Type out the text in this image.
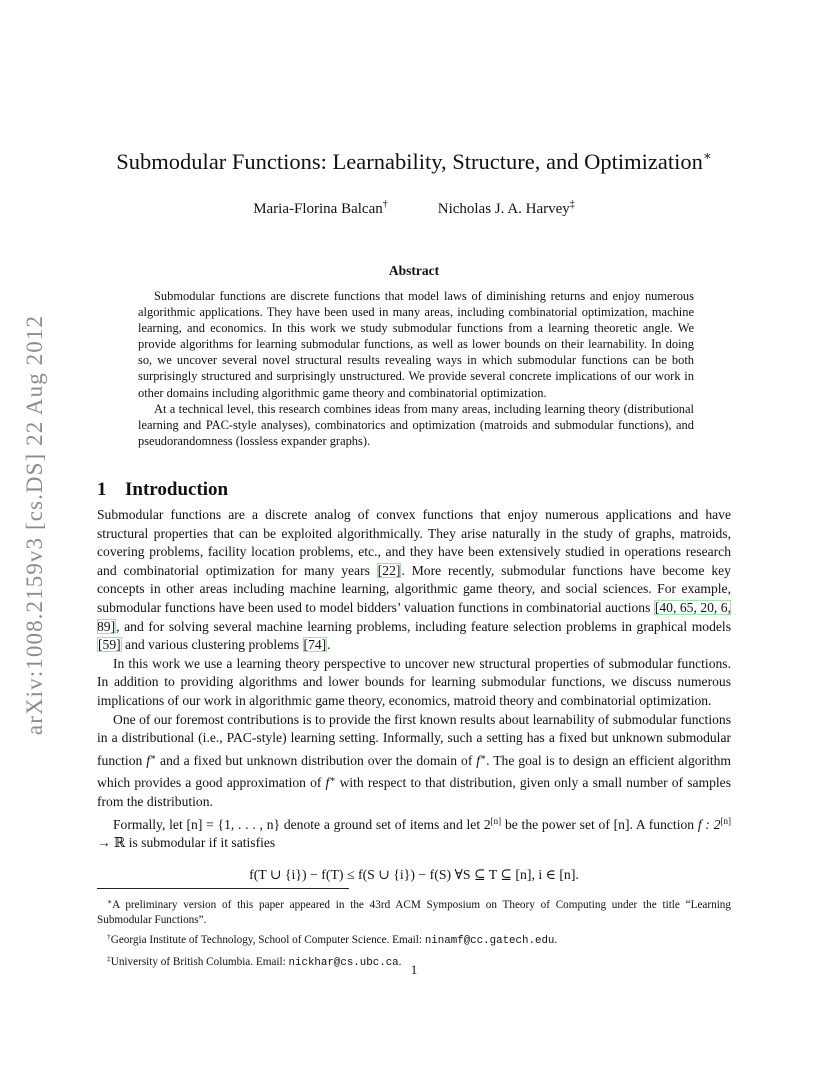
arXiv:1008.2159v3 [cs.DS] 22 Aug 2012
Submodular Functions: Learnability, Structure, and Optimization∗
Maria-Florina Balcan†	Nicholas J. A. Harvey‡
Abstract

Submodular functions are discrete functions that model laws of diminishing returns and enjoy numerous algorithmic applications. They have been used in many areas, including combinatorial optimization, machine learning, and economics. In this work we study submodular functions from a learning theoretic angle. We provide algorithms for learning submodular functions, as well as lower bounds on their learnability. In doing so, we uncover several novel structural results revealing ways in which submodular functions can be both surprisingly structured and surprisingly unstructured. We provide several concrete implications of our work in other domains including algorithmic game theory and combinatorial optimization.

At a technical level, this research combines ideas from many areas, including learning theory (distributional learning and PAC-style analyses), combinatorics and optimization (matroids and submodular functions), and pseudorandomness (lossless expander graphs).

1 Introduction

Submodular functions are a discrete analog of convex functions that enjoy numerous applications and have structural properties that can be exploited algorithmically. They arise naturally in the study of graphs, matroids, covering problems, facility location problems, etc., and they have been extensively studied in operations research and combinatorial optimization for many years [22]. More recently, submodular functions have become key concepts in other areas including machine learning, algorithmic game theory, and social sciences. For example, submodular functions have been used to model bidders’ valuation functions in combinatorial auctions [40, 65, 20, 6, 89], and for solving several machine learning problems, including feature selection problems in graphical models [59] and various clustering problems [74].

In this work we use a learning theory perspective to uncover new structural properties of submodular functions. In addition to providing algorithms and lower bounds for learning submodular functions, we discuss numerous implications of our work in algorithmic game theory, economics, matroid theory and combinatorial optimization.

One of our foremost contributions is to provide the first known results about learnability of submodular functions in a distributional (i.e., PAC-style) learning setting. Informally, such a setting has a fixed but unknown submodular function f∗ and a fixed but unknown distribution over the domain of f∗. The goal is to design an efficient algorithm which provides a good approximation of f∗ with respect to that distribution, given only a small number of samples from the distribution.

Formally, let [n] = {1, . . . , n} denote a ground set of items and let 2[n] be the power set of [n]. A function f : 2[n] → ℝ is submodular if it satisfies

f(T ∪ {i}) − f(T) ≤ f(S ∪ {i}) − f(S) ∀S ⊆ T ⊆ [n], i ∈ [n].

∗A preliminary version of this paper appeared in the 43rd ACM Symposium on Theory of Computing under the title “Learning Submodular Functions”.

†Georgia Institute of Technology, School of Computer Science. Email: ninamf@cc.gatech.edu.

‡University of British Columbia. Email: nickhar@cs.ubc.ca.

1
